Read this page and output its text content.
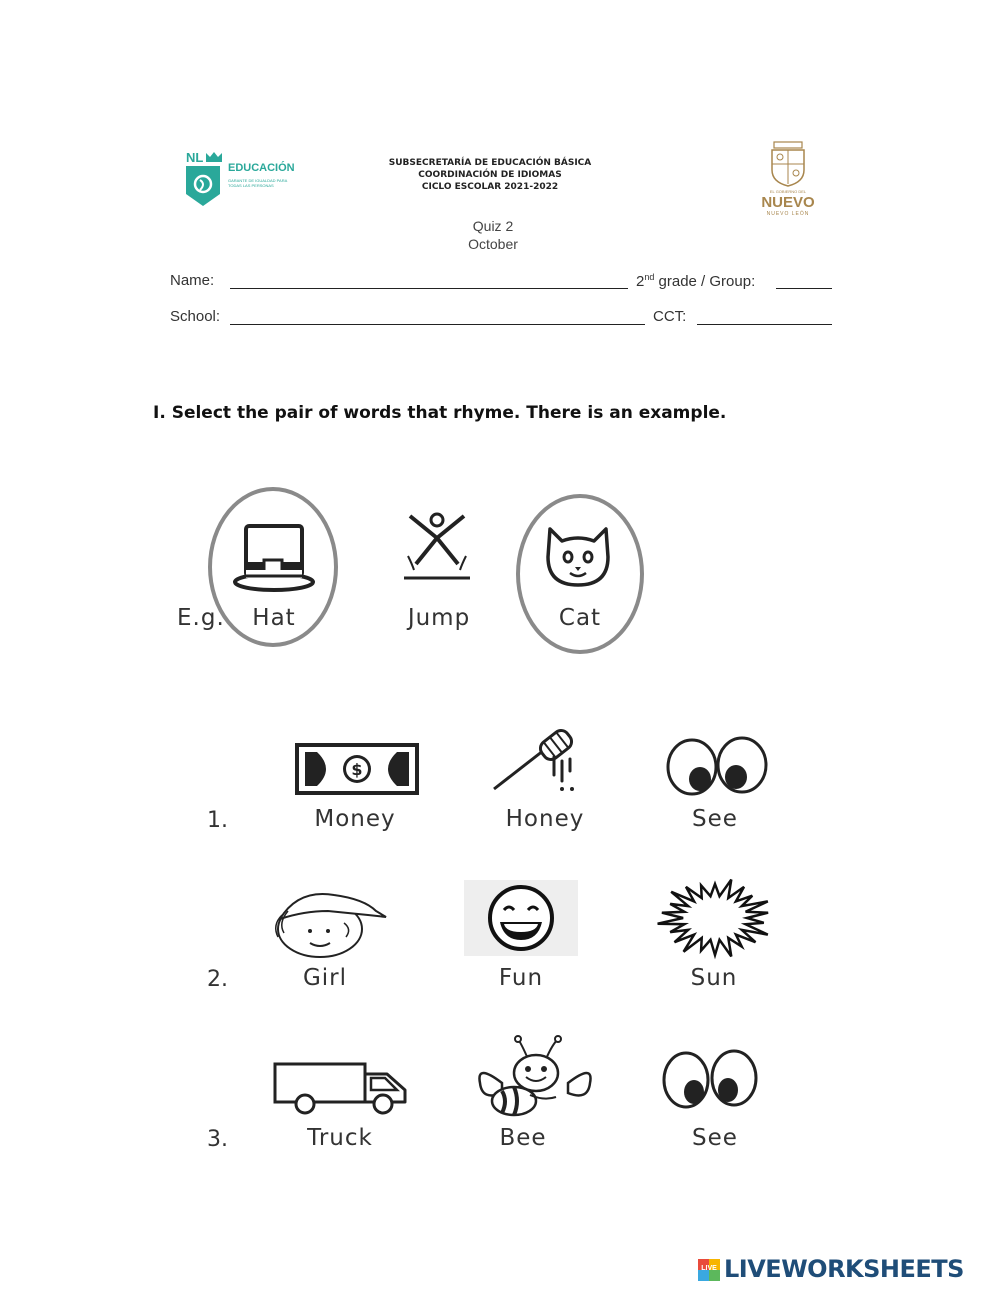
NL
EDUCACIÓN
GARANTE DE IGUALDAD PARA TODAS LAS PERSONAS
SUBSECRETARÍA DE EDUCACIÓN BÁSICA
COORDINACIÓN DE IDIOMAS
CICLO ESCOLAR 2021-2022	EL GOBIERNO DEL
NUEVO
NUEVO LEÓN
Quiz 2
October
Name:	2nd grade / Group:
School:	CCT:
I. Select the pair of words that rhyme. There is an example.
E.g.	Hat	Jump	Cat
$
1.	Money	Honey	See
2.	Girl	Fun	Sun
3.	Truck	Bee	See
LIVE LIVEWORKSHEETS
